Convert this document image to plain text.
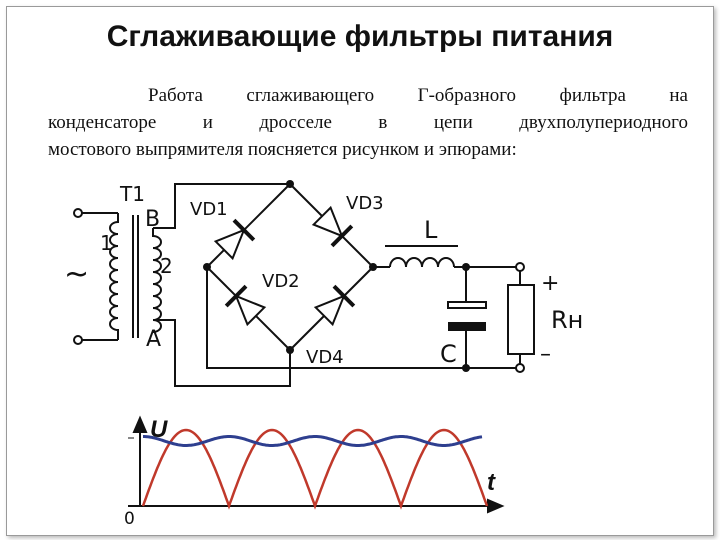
Сглаживающие фильтры питания
Работа сглаживающего Г-образного фильтра на
конденсаторе и дросселе в цепи двухполупериодного
мостового выпрямителя поясняется рисунком и эпюрами:
T1
1
2
B
A
~
VD1	VD3
VD2
VD4
L
C
Rн
+
–
U
t
0
